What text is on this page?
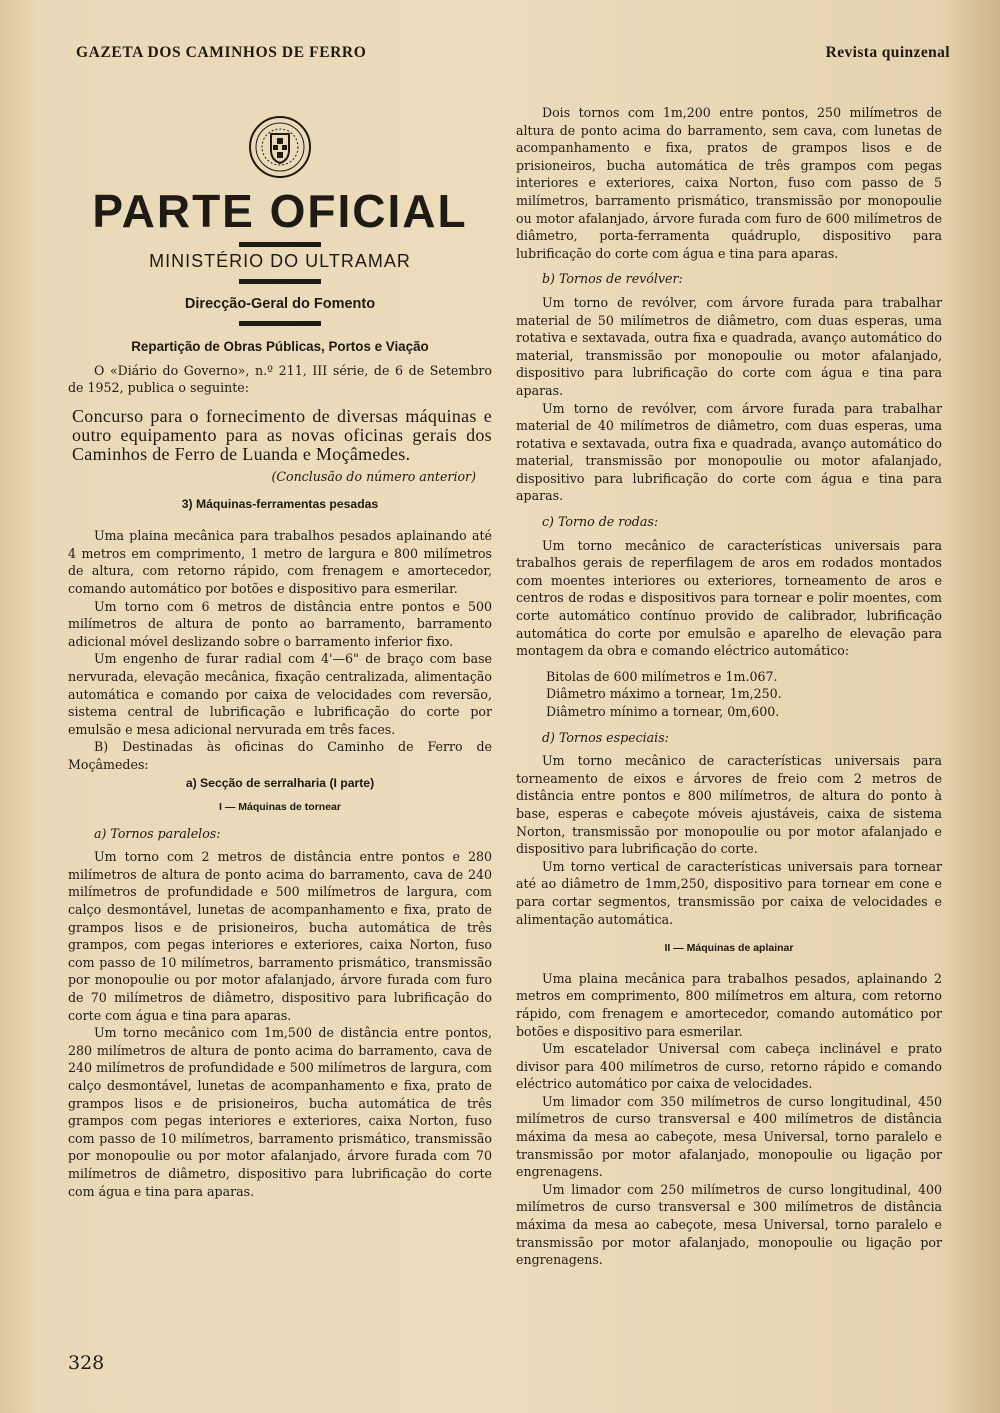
GAZETA DOS CAMINHOS DE FERRO	Revista quinzenal
PARTE OFICIAL
MINISTÉRIO DO ULTRAMAR
Direcção-Geral do Fomento
Repartição de Obras Públicas, Portos e Viação

O «Diário do Governo», n.º 211, III série, de 6 de Setembro de 1952, publica o seguinte:

Concurso para o fornecimento de diversas máquinas e outro equipamento para as novas oficinas gerais dos Caminhos de Ferro de Luanda e Moçâmedes.

(Conclusão do número anterior)

3) Máquinas-ferramentas pesadas

Uma plaina mecânica para trabalhos pesados aplainando até 4 metros em comprimento, 1 metro de largura e 800 milímetros de altura, com retorno rápido, com frenagem e amortecedor, comando automático por botões e dispositivo para esmerilar.

Um torno com 6 metros de distância entre pontos e 500 milímetros de altura de ponto ao barramento, barramento adicional móvel deslizando sobre o barramento inferior fixo.

Um engenho de furar radial com 4'—6" de braço com base nervurada, elevação mecânica, fixação centralizada, alimentação automática e comando por caixa de velocidades com reversão, sistema central de lubrificação e lubrificação do corte por emulsão e mesa adicional nervurada em três faces.

B) Destinadas às oficinas do Caminho de Ferro de Moçâmedes:

a) Secção de serralharia (I parte)

I — Máquinas de tornear

a) Tornos paralelos:

Um torno com 2 metros de distância entre pontos e 280 milímetros de altura de ponto acima do barramento, cava de 240 milímetros de profundidade e 500 milímetros de largura, com calço desmontável, lunetas de acompanhamento e fixa, prato de grampos lisos e de prisioneiros, bucha automática de três grampos, com pegas interiores e exteriores, caixa Norton, fuso com passo de 10 milímetros, barramento prismático, transmissão por monopoulie ou por motor afalanjado, árvore furada com furo de 70 milímetros de diâmetro, dispositivo para lubrificação do corte com água e tina para aparas.

Um torno mecânico com 1m,500 de distância entre pontos, 280 milímetros de altura de ponto acima do barramento, cava de 240 milímetros de profundidade e 500 milímetros de largura, com calço desmontável, lunetas de acompanhamento e fixa, prato de grampos lisos e de prisioneiros, bucha automática de três grampos com pegas interiores e exteriores, caixa Norton, fuso com passo de 10 milímetros, barramento prismático, transmissão por monopoulie ou por motor afalanjado, árvore furada com 70 milímetros de diâmetro, dispositivo para lubrificação do corte com água e tina para aparas.

Dois tornos com 1m,200 entre pontos, 250 milímetros de altura de ponto acima do barramento, sem cava, com lunetas de acompanhamento e fixa, pratos de grampos lisos e de prisioneiros, bucha automática de três grampos com pegas interiores e exteriores, caixa Norton, fuso com passo de 5 milímetros, barramento prismático, transmissão por monopoulie ou motor afalanjado, árvore furada com furo de 600 milímetros de diâmetro, porta-ferramenta quádruplo, dispositivo para lubrificação do corte com água e tina para aparas.

b) Tornos de revólver:

Um torno de revólver, com árvore furada para trabalhar material de 50 milímetros de diâmetro, com duas esperas, uma rotativa e sextavada, outra fixa e quadrada, avanço automático do material, transmissão por monopoulie ou motor afalanjado, dispositivo para lubrificação do corte com água e tina para aparas.

Um torno de revólver, com árvore furada para trabalhar material de 40 milímetros de diâmetro, com duas esperas, uma rotativa e sextavada, outra fixa e quadrada, avanço automático do material, transmissão por monopoulie ou motor afalanjado, dispositivo para lubrificação do corte com água e tina para aparas.

c) Torno de rodas:

Um torno mecânico de características universais para trabalhos gerais de reperfilagem de aros em rodados montados com moentes interiores ou exteriores, torneamento de aros e centros de rodas e dispositivos para tornear e polir moentes, com corte automático contínuo provido de calibrador, lubrificação automática do corte por emulsão e aparelho de elevação para montagem da obra e comando eléctrico automático:

Bitolas de 600 milímetros e 1m.067.

Diâmetro máximo a tornear, 1m,250.

Diâmetro mínimo a tornear, 0m,600.

d) Tornos especiais:

Um torno mecânico de características universais para torneamento de eixos e árvores de freio com 2 metros de distância entre pontos e 800 milímetros, de altura do ponto à base, esperas e cabeçote móveis ajustáveis, caixa de sistema Norton, transmissão por monopoulie ou por motor afalanjado e dispositivo para lubrificação do corte.

Um torno vertical de características universais para tornear até ao diâmetro de 1mm,250, dispositivo para tornear em cone e para cortar segmentos, transmissão por caixa de velocidades e alimentação automática.

II — Máquinas de aplainar

Uma plaina mecânica para trabalhos pesados, aplainando 2 metros em comprimento, 800 milímetros em altura, com retorno rápido, com frenagem e amortecedor, comando automático por botões e dispositivo para esmerilar.

Um escatelador Universal com cabeça inclinável e prato divisor para 400 milímetros de curso, retorno rápido e comando eléctrico automático por caixa de velocidades.

Um limador com 350 milímetros de curso longitudinal, 450 milímetros de curso transversal e 400 milímetros de distância máxima da mesa ao cabeçote, mesa Universal, torno paralelo e transmissão por motor afalanjado, monopoulie ou ligação por engrenagens.

Um limador com 250 milímetros de curso longitudinal, 400 milímetros de curso transversal e 300 milímetros de distância máxima da mesa ao cabeçote, mesa Universal, torno paralelo e transmissão por motor afalanjado, monopoulie ou ligação por engrenagens.

328
